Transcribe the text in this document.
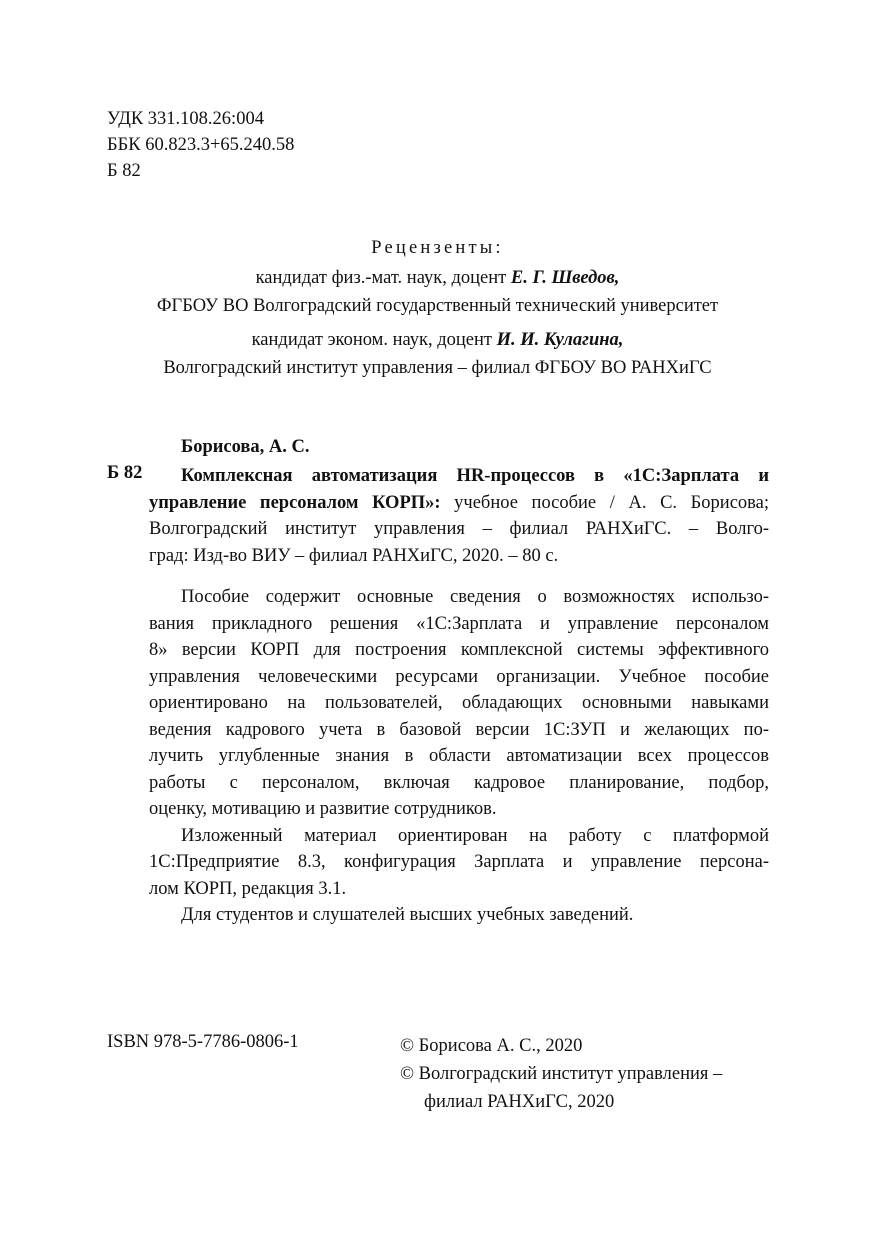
УДК 331.108.26:004
ББК 60.823.3+65.240.58
Б 82
Рецензенты:
кандидат физ.-мат. наук, доцент Е. Г. Шведов,
ФГБОУ ВО Волгоградский государственный технический университет
кандидат эконом. наук, доцент И. И. Кулагина,
Волгоградский институт управления – филиал ФГБОУ ВО РАНХиГС
Борисова, А. С.
Б 82	Комплексная автоматизация HR-процессов в «1С:Зарплата и
управление персоналом КОРП»: учебное пособие / А. С. Борисова;
Волгоградский институт управления – филиал РАНХиГС. – Волго-
град: Изд-во ВИУ – филиал РАНХиГС, 2020. – 80 с.
Пособие содержит основные сведения о возможностях использо-
вания прикладного решения «1С:Зарплата и управление персоналом
8» версии КОРП для построения комплексной системы эффективного
управления человеческими ресурсами организации. Учебное пособие
ориентировано на пользователей, обладающих основными навыками
ведения кадрового учета в базовой версии 1С:ЗУП и желающих по-
лучить углубленные знания в области автоматизации всех процессов
работы с персоналом, включая кадровое планирование, подбор,
оценку, мотивацию и развитие сотрудников.
Изложенный материал ориентирован на работу с платформой
1С:Предприятие 8.3, конфигурация Зарплата и управление персона-
лом КОРП, редакция 3.1.
Для студентов и слушателей высших учебных заведений.
ISBN 978-5-7786-0806-1	© Борисова А. С., 2020
© Волгоградский институт управления –
филиал РАНХиГС, 2020
